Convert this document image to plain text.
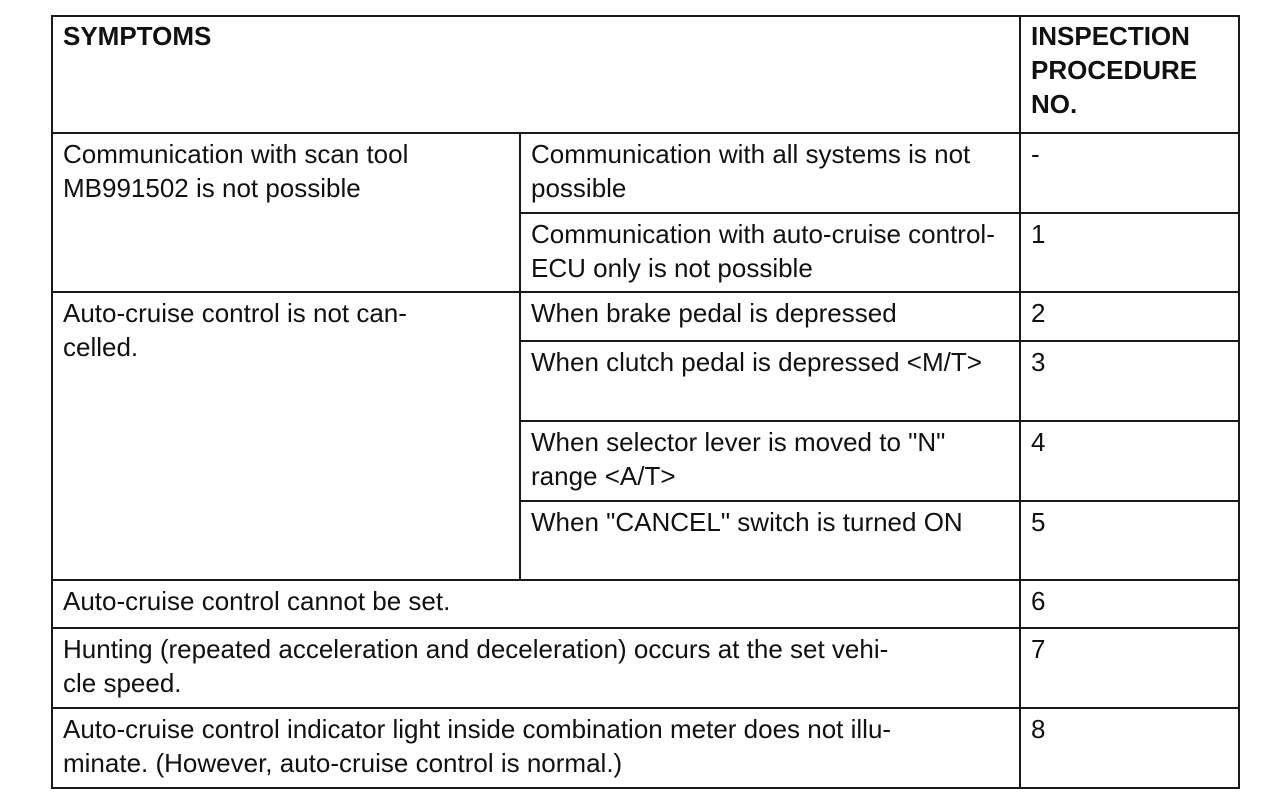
SYMPTOMS		INSPECTION
PROCEDURE
NO.
Communication with scan tool MB991502 is not possible	Communication with all systems is not possible	-
	Communication with auto-cruise control-ECU only is not possible	1
Auto-cruise control is not can-
celled.	When brake pedal is depressed	2
	When clutch pedal is depressed <M/T>	3
	When selector lever is moved to "N" range <A/T>	4
	When "CANCEL" switch is turned ON	5
Auto-cruise control cannot be set.		6
Hunting (repeated acceleration and deceleration) occurs at the set vehi-
cle speed.		7
Auto-cruise control indicator light inside combination meter does not illu-
minate. (However, auto-cruise control is normal.)		8
